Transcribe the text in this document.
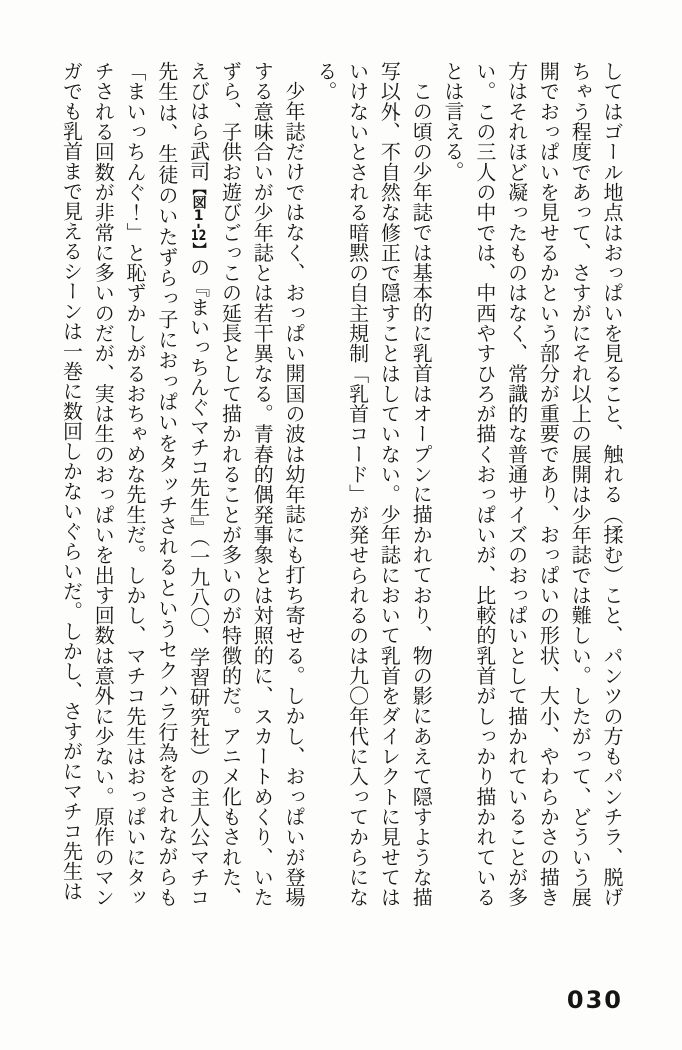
してはゴール地点はおっぱいを見ること、触れる（揉む）こと、パンツの方もパンチラ、脱げちゃう程度であって、さすがにそれ以上の展開は少年誌では難しい。したがって、どういう展開でおっぱいを見せるかという部分が重要であり、おっぱいの形状、大小、やわらかさの描き方はそれほど凝ったものはなく、常識的な普通サイズのおっぱいとして描かれていることが多い。この三人の中では、中西やすひろが描くおっぱいが、比較的乳首がしっかり描かれているとは言える。

この頃の少年誌では基本的に乳首はオープンに描かれており、物の影にあえて隠すような描写以外、不自然な修正で隠すことはしていない。少年誌において乳首をダイレクトに見せてはいけないとされる暗黙の自主規制「乳首コード」が発せられるのは九〇年代に入ってからになる。

少年誌だけではなく、おっぱい開国の波は幼年誌にも打ち寄せる。しかし、おっぱいが登場する意味合いが少年誌とは若干異なる。青春的偶発事象とは対照的に、スカートめくり、いたずら、子供お遊びごっこの延長として描かれることが多いのが特徴的だ。アニメ化もされた、えびはら武司【図1-12】の『まいっちんぐマチコ先生』（一九八〇、学習研究社）の主人公マチコ先生は、生徒のいたずらっ子におっぱいをタッチされるというセクハラ行為をされながらも「まいっちんぐ！」と恥ずかしがるおちゃめな先生だ。しかし、マチコ先生はおっぱいにタッチされる回数が非常に多いのだが、実は生のおっぱいを出す回数は意外に少ない。原作のマンガでも乳首まで見えるシーンは一巻に数回しかないぐらいだ。しかし、さすがにマチコ先生は

030
